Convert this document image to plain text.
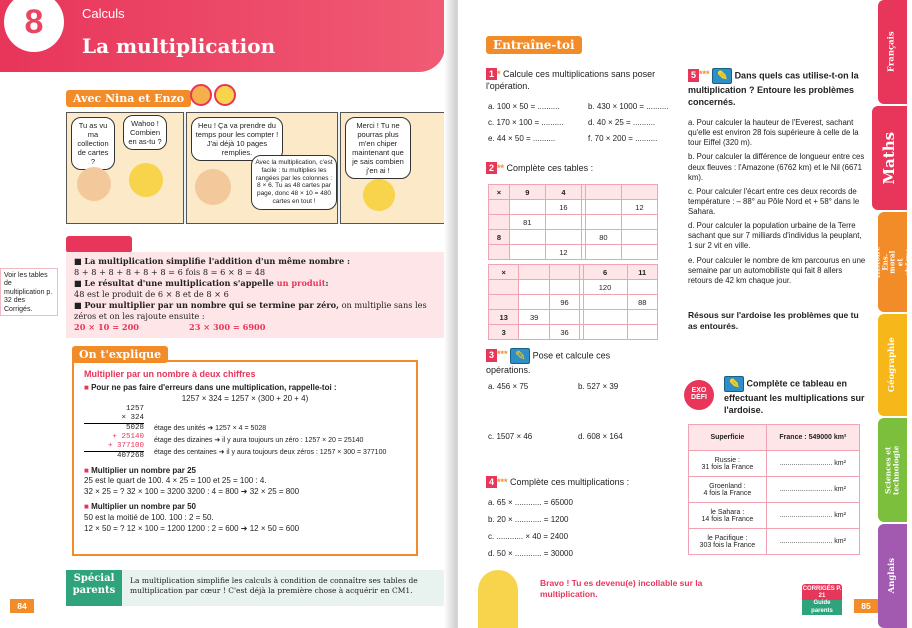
8	Calculs
La multiplication
Avec Nina et Enzo
Tu as vu ma collection de cartes ?
Wahoo ! Combien en as-tu ?
Heu ! Ça va prendre du temps pour les compter ! J'ai déjà 10 pages remplies.
Avec la multiplication, c'est facile : tu multiplies les rangées par les colonnes : 8 × 6. Tu as 48 cartes par page, donc 48 × 10 = 480 cartes en tout !
Merci ! Tu ne pourras plus m'en chiper maintenant que je sais combien j'en ai !
La leçon
Voir les tables de multiplication p. 32 des Corrigés.
■ La multiplication simplifie l'addition d'un même nombre :
8 + 8 + 8 + 8 + 8 + 8 = 6 fois 8 = 6 × 8 = 48
■ Le résultat d'une multiplication s'appelle un produit:
48 est le produit de 6 × 8 et de 8 × 6
■ Pour multiplier par un nombre qui se termine par zéro, on multiplie sans les zéros et on les rajoute ensuite :
20 × 10 = 200	23 × 300 = 6900
On t'explique
Multiplier par un nombre à deux chiffres
■ Pour ne pas faire d'erreurs dans une multiplication, rappelle-toi :
1257 × 324 = 1257 × (300 + 20 + 4)
1257
× 324
5028
+ 25140
+ 377100
407268
étage des unités ➜ 1257 × 4 = 5028
étage des dizaines ➜ il y aura toujours un zéro : 1257 × 20 = 25140
étage des centaines ➜ il y aura toujours deux zéros : 1257 × 300 = 377100
■ Multiplier un nombre par 25
25 est le quart de 100. 4 × 25 = 100 et 25 = 100 : 4.
32 × 25 = ? 32 × 100 = 3200 3200 : 4 = 800 ➜ 32 × 25 = 800
■ Multiplier un nombre par 50
50 est la moitié de 100. 100 : 2 = 50.
12 × 50 = ? 12 × 100 = 1200 1200 : 2 = 600 ➜ 12 × 50 = 600
Spécial parents
La multiplication simplifie les calculs à condition de connaître ses tables de multiplication par cœur ! C'est déjà la première chose à acquérir en CM1.
84
Entraîne-toi
1 * Calcule ces multiplications sans poser l'opération.
a. 100 × 50 = ..........	b. 430 × 1000 = ..........
c. 170 × 100 = ..........	d. 40 × 25 = ..........
e. 44 × 50 = ..........	f. 70 × 200 = ..........
2 ** Complète ces tables :
×	9	4			
		16			12
	81				
8				80	
		12			
×				6	11
				120	
		96			88
13	39				
3		36			
3 *** ✎	Pose et calcule ces opérations.
a. 456 × 75	b. 527 × 39
c. 1507 × 46	d. 608 × 164
4 *** Complète ces multiplications :
a. 65 × ............ = 65000
b. 20 × ............ = 1200
c. ............ × 40 = 2400
d. 50 × ............ = 30000
5 *** ✎	Dans quels cas utilise-t-on la multiplication ? Entoure les problèmes concernés.
a. Pour calculer la hauteur de l'Everest, sachant qu'elle est environ 28 fois supérieure à celle de la tour Eiffel (320 m).
b. Pour calculer la différence de longueur entre ces deux fleuves : l'Amazone (6762 km) et le Nil (6671 km).
c. Pour calculer l'écart entre ces deux records de température : – 88° au Pôle Nord et + 58° dans le Sahara.
d. Pour calculer la population urbaine de la Terre sachant que sur 7 milliards d'individus la peuplant, 1 sur 2 vit en ville.
e. Pour calculer le nombre de km parcourus en une semaine par un automobiliste qui fait 8 allers retours de 42 km chaque jour.
Résous sur l'ardoise les problèmes que tu as entourés.
EXO DÉFI
✎ Complète ce tableau en effectuant les multiplications sur l'ardoise.
Superficie	France : 549000 km²

Russie :
31 fois la France	........................... km²

Groenland :
4 fois la France	........................... km²

le Sahara :
14 fois la France	........................... km²

le Pacifique :
303 fois la France	........................... km²
Bravo ! Tu es devenu(e) incollable sur la multiplication.
CORRIGÉS P. 21
Guide parents	85
Français
Maths
Histoire Ens. moral et civique
Géographie
Sciences et technologie
Anglais
